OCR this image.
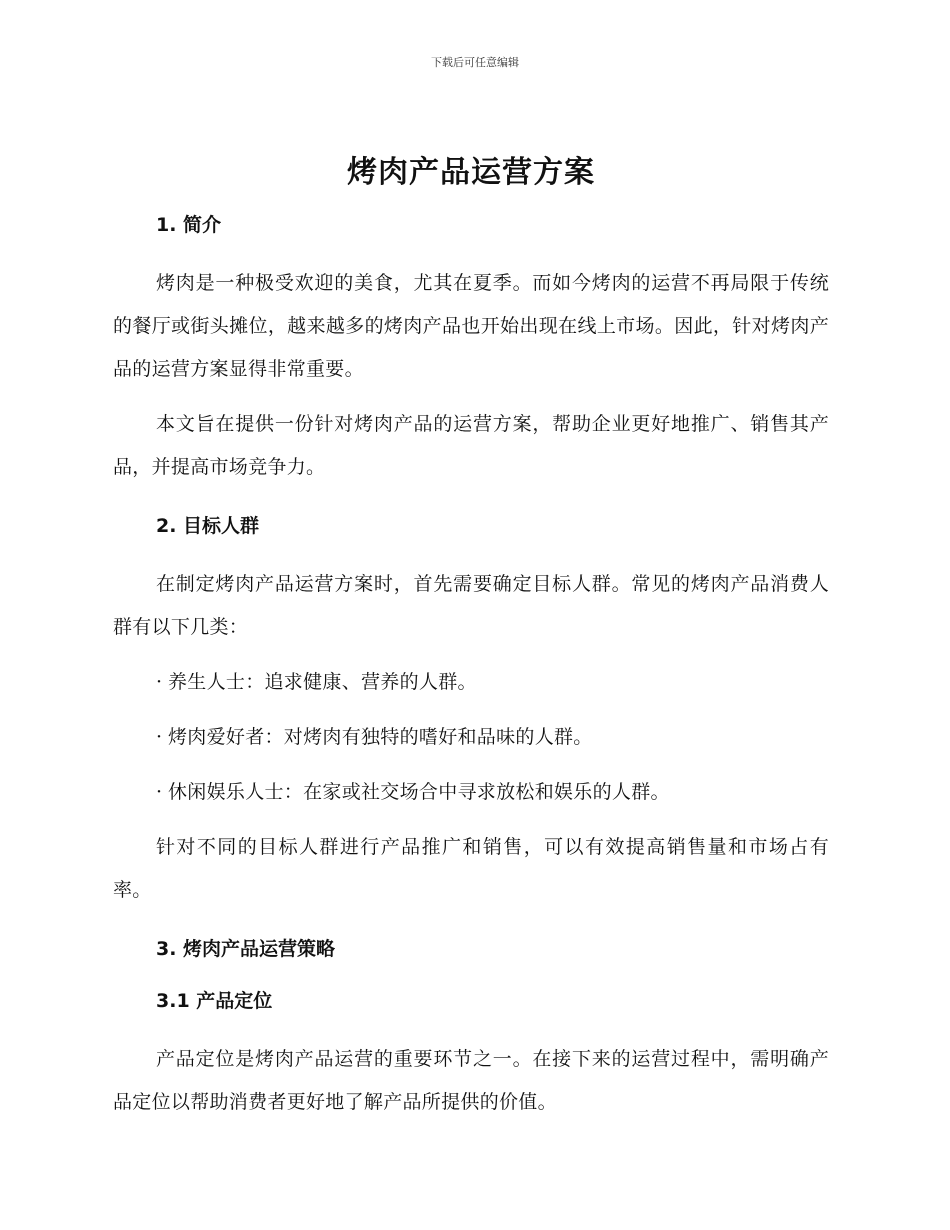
下载后可任意编辑
烤肉产品运营方案
1. 简介

烤肉是一种极受欢迎的美食，尤其在夏季。而如今烤肉的运营不再局限于传统的餐厅或街头摊位，越来越多的烤肉产品也开始出现在线上市场。因此，针对烤肉产品的运营方案显得非常重要。

本文旨在提供一份针对烤肉产品的运营方案，帮助企业更好地推广、销售其产品，并提高市场竞争力。

2. 目标人群

在制定烤肉产品运营方案时，首先需要确定目标人群。常见的烤肉产品消费人群有以下几类：

· 养生人士：追求健康、营养的人群。
· 烤肉爱好者：对烤肉有独特的嗜好和品味的人群。
· 休闲娱乐人士：在家或社交场合中寻求放松和娱乐的人群。

针对不同的目标人群进行产品推广和销售，可以有效提高销售量和市场占有率。

3. 烤肉产品运营策略
3.1 产品定位

产品定位是烤肉产品运营的重要环节之一。在接下来的运营过程中，需明确产品定位以帮助消费者更好地了解产品所提供的价值。
